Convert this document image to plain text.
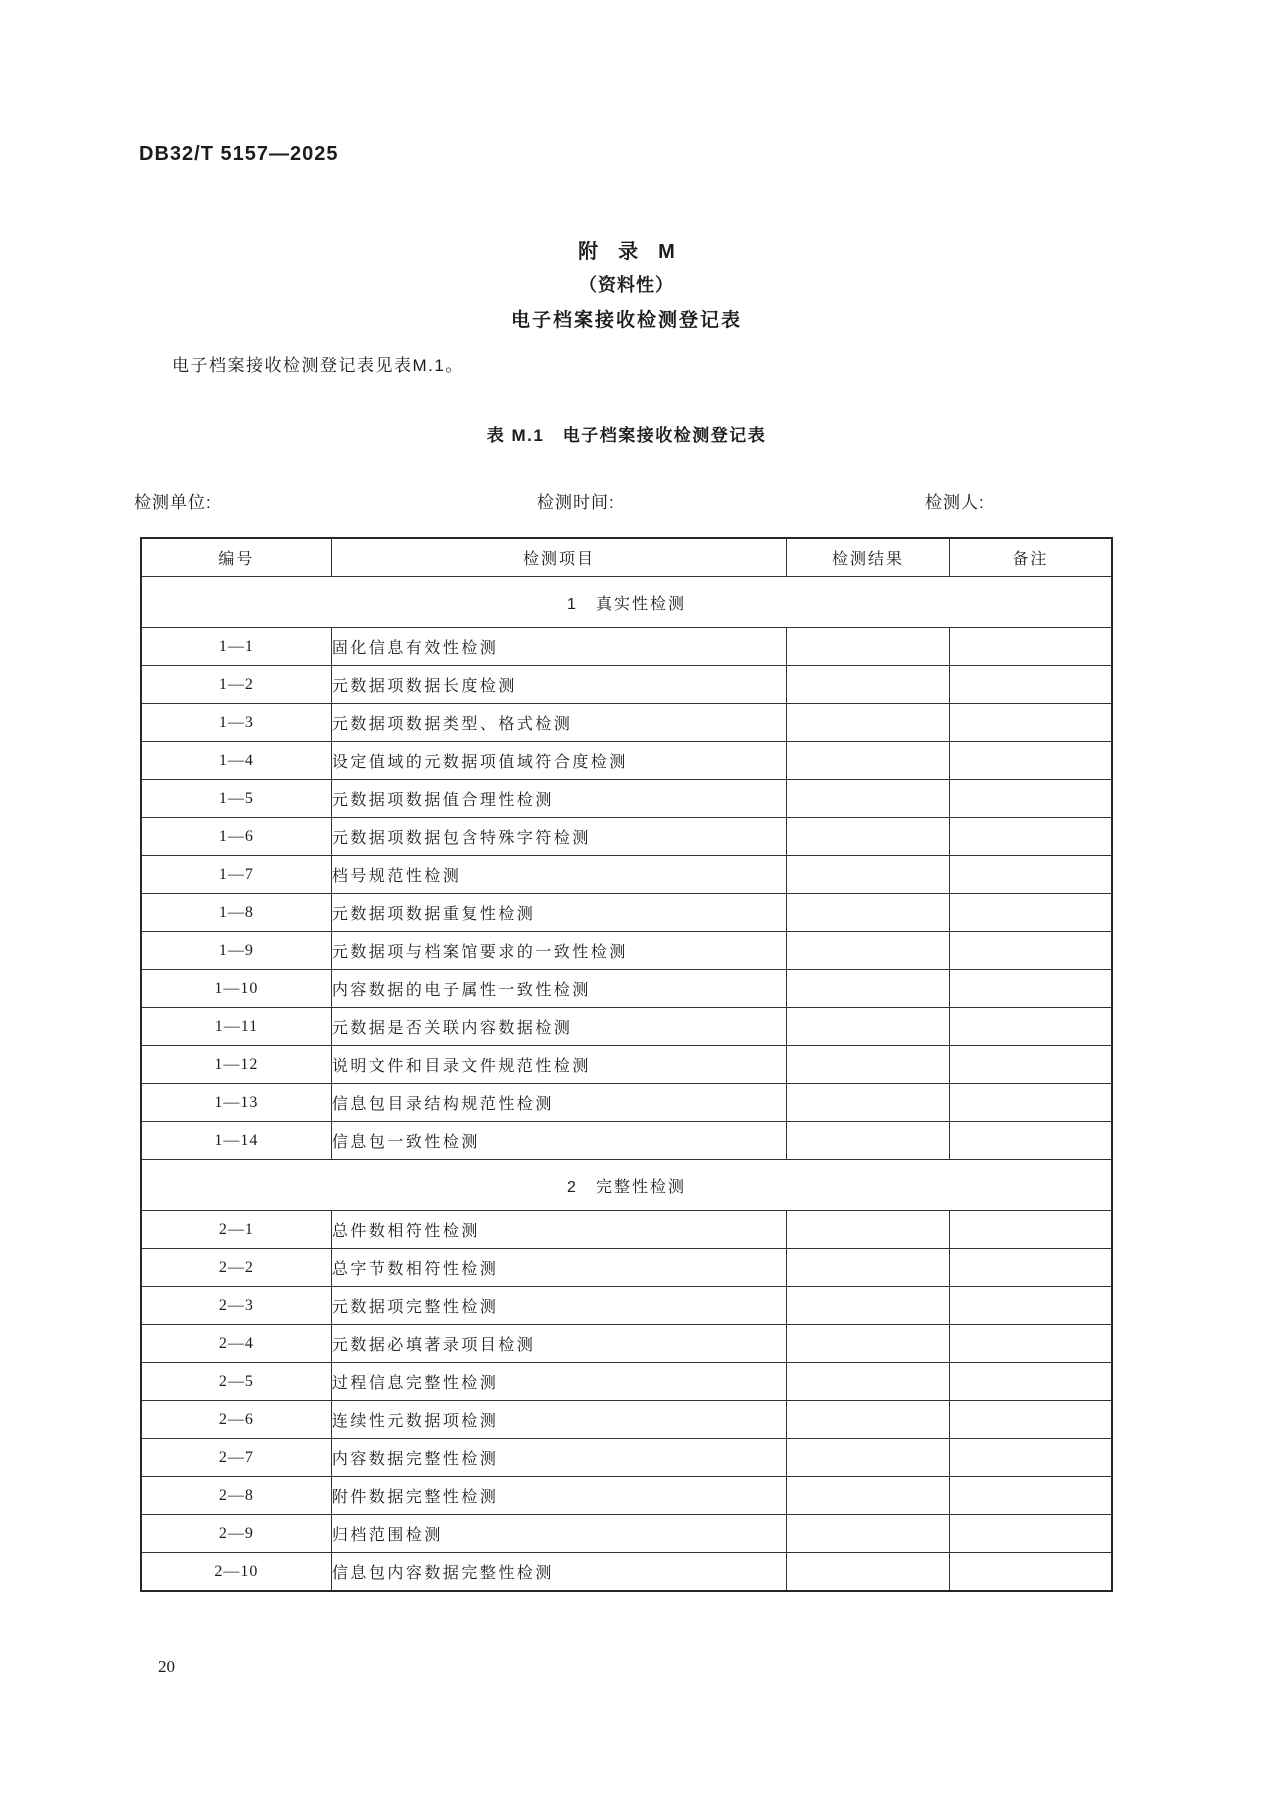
DB32/T 5157—2025
附　录　M
（资料性）
电子档案接收检测登记表
电子档案接收检测登记表见表M.1。
表 M.1　电子档案接收检测登记表
检测单位:	检测时间:	检测人:
编号	检测项目	检测结果	备注
1　真实性检测			
1—1	固化信息有效性检测		
1—2	元数据项数据长度检测		
1—3	元数据项数据类型、格式检测		
1—4	设定值域的元数据项值域符合度检测		
1—5	元数据项数据值合理性检测		
1—6	元数据项数据包含特殊字符检测		
1—7	档号规范性检测		
1—8	元数据项数据重复性检测		
1—9	元数据项与档案馆要求的一致性检测		
1—10	内容数据的电子属性一致性检测		
1—11	元数据是否关联内容数据检测		
1—12	说明文件和目录文件规范性检测		
1—13	信息包目录结构规范性检测		
1—14	信息包一致性检测		
2　完整性检测			
2—1	总件数相符性检测		
2—2	总字节数相符性检测		
2—3	元数据项完整性检测		
2—4	元数据必填著录项目检测		
2—5	过程信息完整性检测		
2—6	连续性元数据项检测		
2—7	内容数据完整性检测		
2—8	附件数据完整性检测		
2—9	归档范围检测		
2—10	信息包内容数据完整性检测		
20
